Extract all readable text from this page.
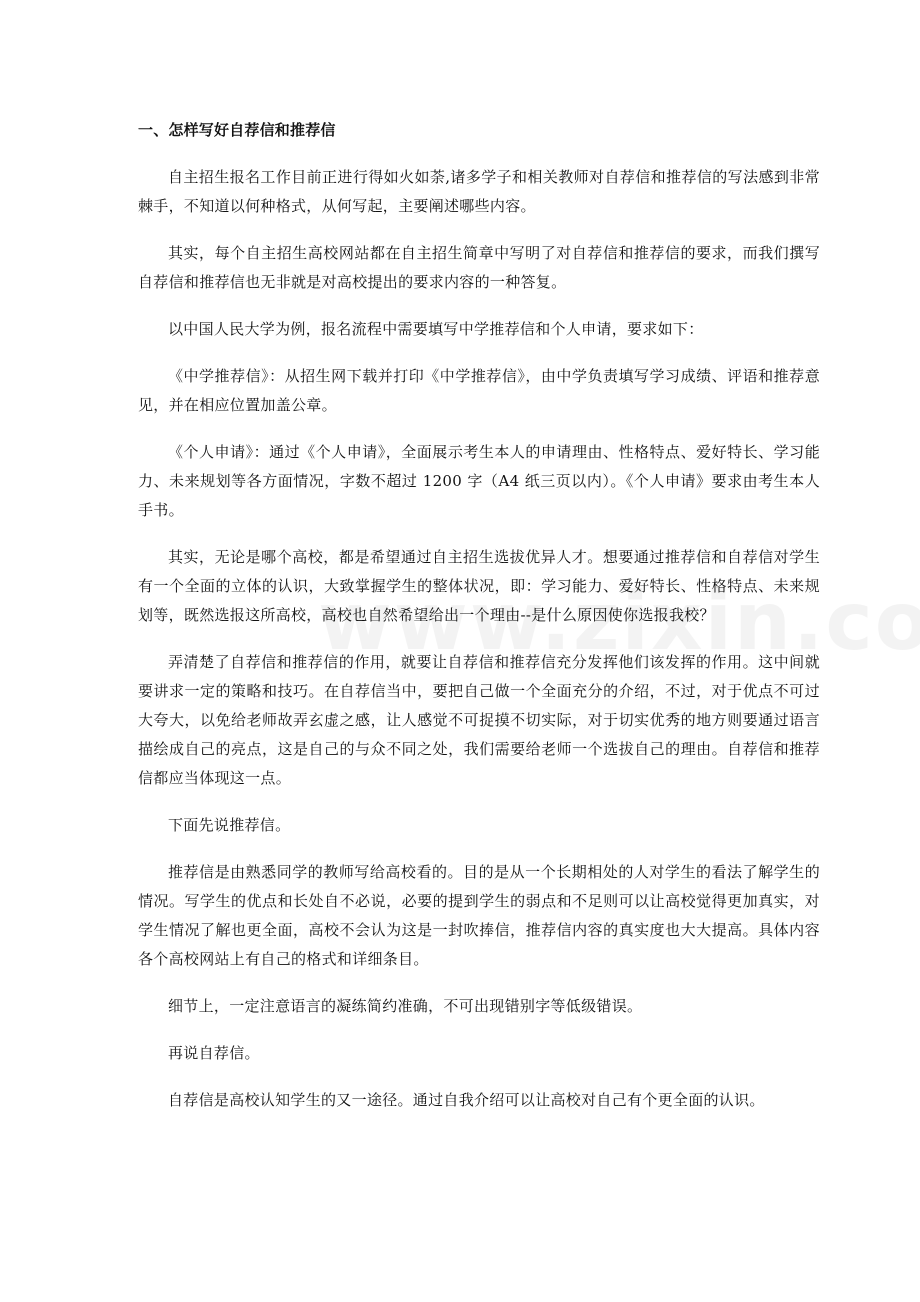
一、怎样写好自荐信和推荐信

自主招生报名工作目前正进行得如火如荼,诸多学子和相关教师对自荐信和推荐信的写法感到非常棘手，不知道以何种格式，从何写起，主要阐述哪些内容。

其实，每个自主招生高校网站都在自主招生简章中写明了对自荐信和推荐信的要求，而我们撰写自荐信和推荐信也无非就是对高校提出的要求内容的一种答复。

以中国人民大学为例，报名流程中需要填写中学推荐信和个人申请，要求如下：

《中学推荐信》：从招生网下载并打印《中学推荐信》，由中学负责填写学习成绩、评语和推荐意见，并在相应位置加盖公章。

《个人申请》：通过《个人申请》，全面展示考生本人的申请理由、性格特点、爱好特长、学习能力、未来规划等各方面情况，字数不超过 1200 字（A4 纸三页以内）。《个人申请》要求由考生本人手书。

其实，无论是哪个高校，都是希望通过自主招生选拔优异人才。想要通过推荐信和自荐信对学生有一个全面的立体的认识，大致掌握学生的整体状况，即：学习能力、爱好特长、性格特点、未来规划等，既然选报这所高校，高校也自然希望给出一个理由--是什么原因使你选报我校？

弄清楚了自荐信和推荐信的作用，就要让自荐信和推荐信充分发挥他们该发挥的作用。这中间就要讲求一定的策略和技巧。在自荐信当中，要把自己做一个全面充分的介绍，不过，对于优点不可过大夸大，以免给老师故弄玄虚之感，让人感觉不可捉摸不切实际，对于切实优秀的地方则要通过语言描绘成自己的亮点，这是自己的与众不同之处，我们需要给老师一个选拔自己的理由。自荐信和推荐信都应当体现这一点。

下面先说推荐信。

推荐信是由熟悉同学的教师写给高校看的。目的是从一个长期相处的人对学生的看法了解学生的情况。写学生的优点和长处自不必说，必要的提到学生的弱点和不足则可以让高校觉得更加真实，对学生情况了解也更全面，高校不会认为这是一封吹捧信，推荐信内容的真实度也大大提高。具体内容各个高校网站上有自己的格式和详细条目。

细节上，一定注意语言的凝练简约准确，不可出现错别字等低级错误。

再说自荐信。

自荐信是高校认知学生的又一途径。通过自我介绍可以让高校对自己有个更全面的认识。
